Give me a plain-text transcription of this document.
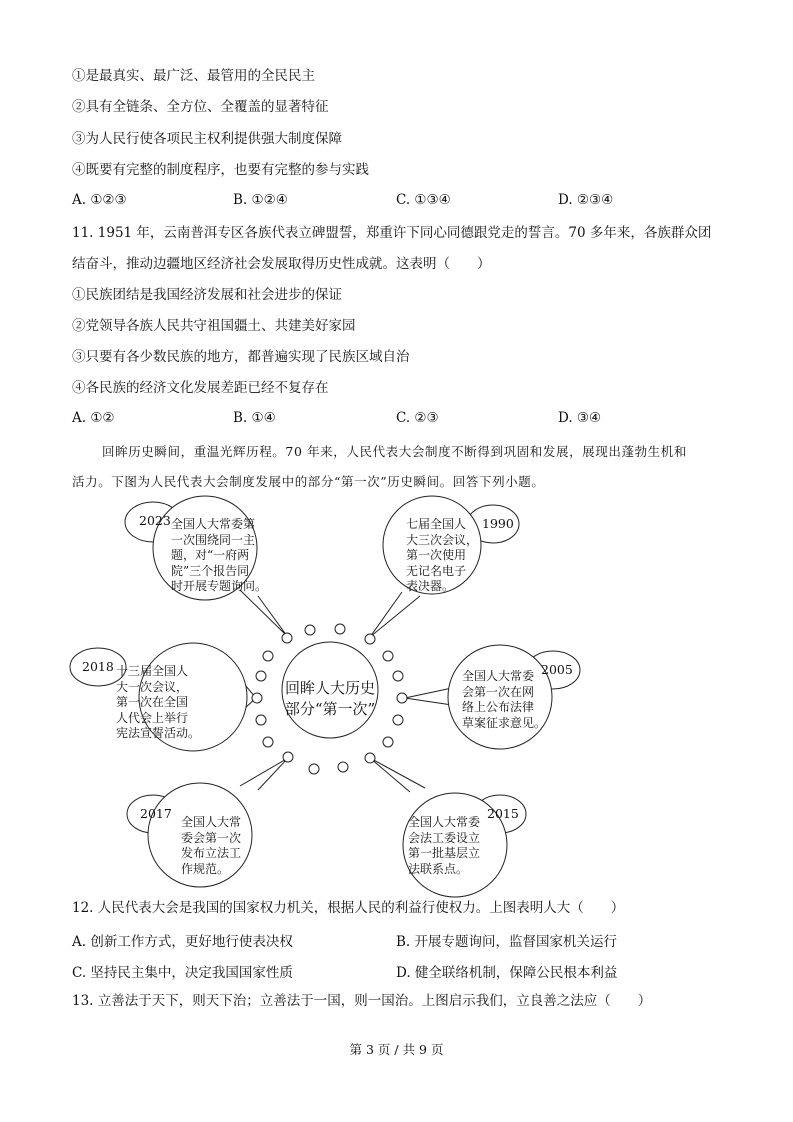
①是最真实、最广泛、最管用的全民民主
②具有全链条、全方位、全覆盖的显著特征
③为人民行使各项民主权利提供强大制度保障
④既要有完整的制度程序，也要有完整的参与实践
A. ①②③	B. ①②④	C. ①③④	D. ②③④
11. 1951 年，云南普洱专区各族代表立碑盟誓，郑重许下同心同德跟党走的誓言。70 多年来，各族群众团
结奋斗，推动边疆地区经济社会发展取得历史性成就。这表明（　　）
①民族团结是我国经济发展和社会进步的保证
②党领导各族人民共守祖国疆土、共建美好家园
③只要有各少数民族的地方，都普遍实现了民族区域自治
④各民族的经济文化发展差距已经不复存在
A. ①②	B. ①④	C. ②③	D. ③④
回眸历史瞬间，重温光辉历程。70 年来，人民代表大会制度不断得到巩固和发展，展现出蓬勃生机和
活力。下图为人民代表大会制度发展中的部分“第一次”历史瞬间。回答下列小题。
回眸人大历史
部分“第一次”
2023 全国人大常委第
一次围绕同一主
题，对“一府两
院”三个报告同
时开展专题询问。
1990
七届全国人
大三次会议，
第一次使用
无记名电子
表决器。
2018 十三届全国人
大一次会议，
第一次在全国
人代会上举行
宪法宣誓活动。
2005
全国人大常委
会第一次在网
络上公布法律
草案征求意见。
2017
全国人大常
委会第一次
发布立法工
作规范。
2015
全国人大常委
会法工委设立
第一批基层立
法联系点。
12. 人民代表大会是我国的国家权力机关，根据人民的利益行使权力。上图表明人大（　　）
A. 创新工作方式，更好地行使表决权	B. 开展专题询问，监督国家机关运行
C. 坚持民主集中，决定我国国家性质	D. 健全联络机制，保障公民根本利益
13. 立善法于天下，则天下治；立善法于一国，则一国治。上图启示我们，立良善之法应（　　）
第 3 页 / 共 9 页
